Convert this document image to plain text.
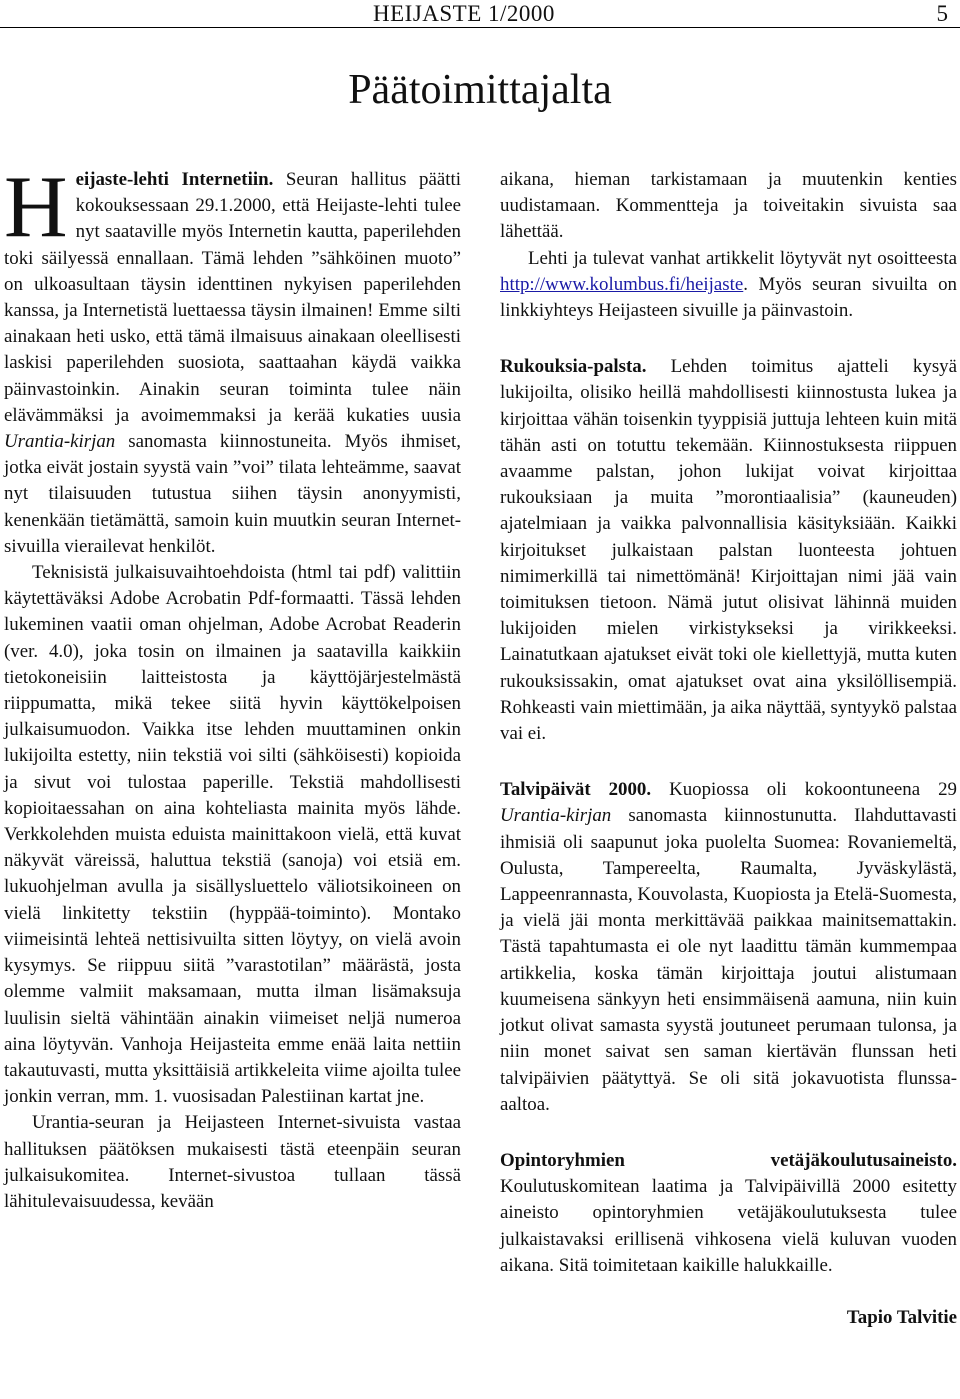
HEIJASTE 1/2000	5
Päätoimittajalta

Heijaste-lehti Internetiin. Seuran hallitus päätti kokouksessaan 29.1.2000, että Heijaste-lehti tulee nyt saataville myös Internetin kautta, paperilehden toki säilyessä ennallaan. Tämä lehden ”sähköinen muoto” on ulkoasultaan täysin identtinen nykyisen paperilehden kanssa, ja Internetistä luettaessa täysin ilmainen! Emme silti ainakaan heti usko, että tämä ilmaisuus ainakaan oleellisesti laskisi paperilehden suosiota, saattaahan käydä vaikka päinvastoinkin. Ainakin seuran toiminta tulee näin elävämmäksi ja avoimemmaksi ja kerää kukaties uusia Urantia-kirjan sanomasta kiinnostuneita. Myös ihmiset, jotka eivät jostain syystä vain ”voi” tilata lehteämme, saavat nyt tilaisuuden tutustua siihen täysin anonyymisti, kenenkään tietämättä, samoin kuin muutkin seuran Internet-sivuilla vierailevat henkilöt.

Teknisistä julkaisuvaihtoehdoista (html tai pdf) valittiin käytettäväksi Adobe Acrobatin Pdf-formaatti. Tässä lehden lukeminen vaatii oman ohjelman, Adobe Acrobat Readerin (ver. 4.0), joka tosin on ilmainen ja saatavilla kaikkiin tietokoneisiin laitteistosta ja käyttöjärjestelmästä riippumatta, mikä tekee siitä hyvin käyttökelpoisen julkaisumuodon. Vaikka itse lehden muuttaminen onkin lukijoilta estetty, niin tekstiä voi silti (sähköisesti) kopioida ja sivut voi tulostaa paperille. Tekstiä mahdollisesti kopioitaessahan on aina kohteliasta mainita myös lähde. Verkkolehden muista eduista mainittakoon vielä, että kuvat näkyvät väreissä, haluttua tekstiä (sanoja) voi etsiä em. lukuohjelman avulla ja sisällysluettelo väliotsikoineen on vielä linkitetty tekstiin (hyppää-toiminto). Montako viimeisintä lehteä nettisivuilta sitten löytyy, on vielä avoin kysymys. Se riippuu siitä ”varastotilan” määrästä, josta olemme valmiit maksamaan, mutta ilman lisämaksuja luulisin sieltä vähintään ainakin viimeiset neljä numeroa aina löytyvän. Vanhoja Heijasteita emme enää laita nettiin takautuvasti, mutta yksittäisiä artikkeleita viime ajoilta tulee jonkin verran, mm. 1. vuosisadan Palestiinan kartat jne.

Urantia-seuran ja Heijasteen Internet-sivuista vastaa hallituksen päätöksen mukaisesti tästä eteenpäin seuran julkaisukomitea. Internet-sivustoa tullaan tässä lähitulevaisuudessa, kevään

aikana, hieman tarkistamaan ja muutenkin kenties uudistamaan. Kommentteja ja toiveitakin sivuista saa lähettää.

Lehti ja tulevat vanhat artikkelit löytyvät nyt osoitteesta http://www.kolumbus.fi/heijaste. Myös seuran sivuilta on linkkiyhteys Heijasteen sivuille ja päinvastoin.

Rukouksia-palsta. Lehden toimitus ajatteli kysyä lukijoilta, olisiko heillä mahdollisesti kiinnostusta lukea ja kirjoittaa vähän toisenkin tyyppisiä juttuja lehteen kuin mitä tähän asti on totuttu tekemään. Kiinnostuksesta riippuen avaamme palstan, johon lukijat voivat kirjoittaa rukouksiaan ja muita ”morontiaalisia” (kauneuden) ajatelmiaan ja vaikka palvonnallisia käsityksiään. Kaikki kirjoitukset julkaistaan palstan luonteesta johtuen nimimerkillä tai nimettömänä! Kirjoittajan nimi jää vain toimituksen tietoon. Nämä jutut olisivat lähinnä muiden lukijoiden mielen virkistykseksi ja virikkeeksi. Lainatutkaan ajatukset eivät toki ole kiellettyjä, mutta kuten rukouksissakin, omat ajatukset ovat aina yksilöllisempiä. Rohkeasti vain miettimään, ja aika näyttää, syntyykö palstaa vai ei.

Talvipäivät 2000. Kuopiossa oli kokoontuneena 29 Urantia-kirjan sanomasta kiinnostunutta. Ilahduttavasti ihmisiä oli saapunut joka puolelta Suomea: Rovaniemeltä, Oulusta, Tampereelta, Raumalta, Jyväskylästä, Lappeenrannasta, Kouvolasta, Kuopiosta ja Etelä-Suomesta, ja vielä jäi monta merkittävää paikkaa mainitsemattakin. Tästä tapahtumasta ei ole nyt laadittu tämän kummempaa artikkelia, koska tämän kirjoittaja joutui alistumaan kuumeisena sänkyyn heti ensimmäisenä aamuna, niin kuin jotkut olivat samasta syystä joutuneet perumaan tulonsa, ja niin monet saivat sen saman kiertävän flunssan heti talvipäivien päätyttyä. Se oli sitä jokavuotista flunssa-aaltoa.

Opintoryhmien vetäjäkoulutusaineisto. Koulutuskomitean laatima ja Talvipäivillä 2000 esitetty aineisto opintoryhmien vetäjäkoulutuksesta tulee julkaistavaksi erillisenä vihkosena vielä kuluvan vuoden aikana. Sitä toimitetaan kaikille halukkaille.

Tapio Talvitie
